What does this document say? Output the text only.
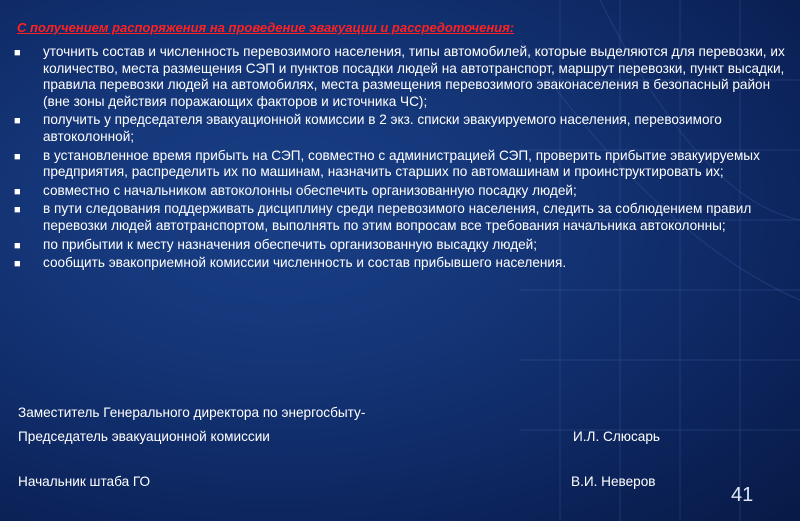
С получением распоряжения на проведение эвакуации и рассредоточения:
■ уточнить состав и численность перевозимого населения, типы автомобилей, которые выделяются для перевозки, их количество, места размещения СЭП и пунктов посадки людей на автотранспорт, маршрут перевозки, пункт высадки, правила перевозки людей на автомобилях, места размещения перевозимого эваконаселения в безопасный район (вне зоны действия поражающих факторов и источника ЧС);
■ получить у председателя эвакуационной комиссии в 2 экз. списки эвакуируемого населения, перевозимого автоколонной;
■ в установленное время прибыть на СЭП, совместно с администрацией СЭП, проверить прибытие эвакуируемых предприятия, распределить их по машинам, назначить старших по автомашинам и проинструктировать их;
■ совместно с начальником автоколонны обеспечить организованную посадку людей;
■ в пути следования поддерживать дисциплину среди перевозимого населения, следить за соблюдением правил перевозки людей автотранспортом, выполнять по этим вопросам все требования начальника автоколонны;
■ по прибытии к месту назначения обеспечить организованную высадку людей;
■ сообщить эвакоприемной комиссии численность и состав прибывшего населения.
Заместитель Генерального директора по энергосбыту-
Председатель эвакуационной комиссии	И.Л. Слюсарь
Начальник штаба ГО	В.И. Неверов
41
